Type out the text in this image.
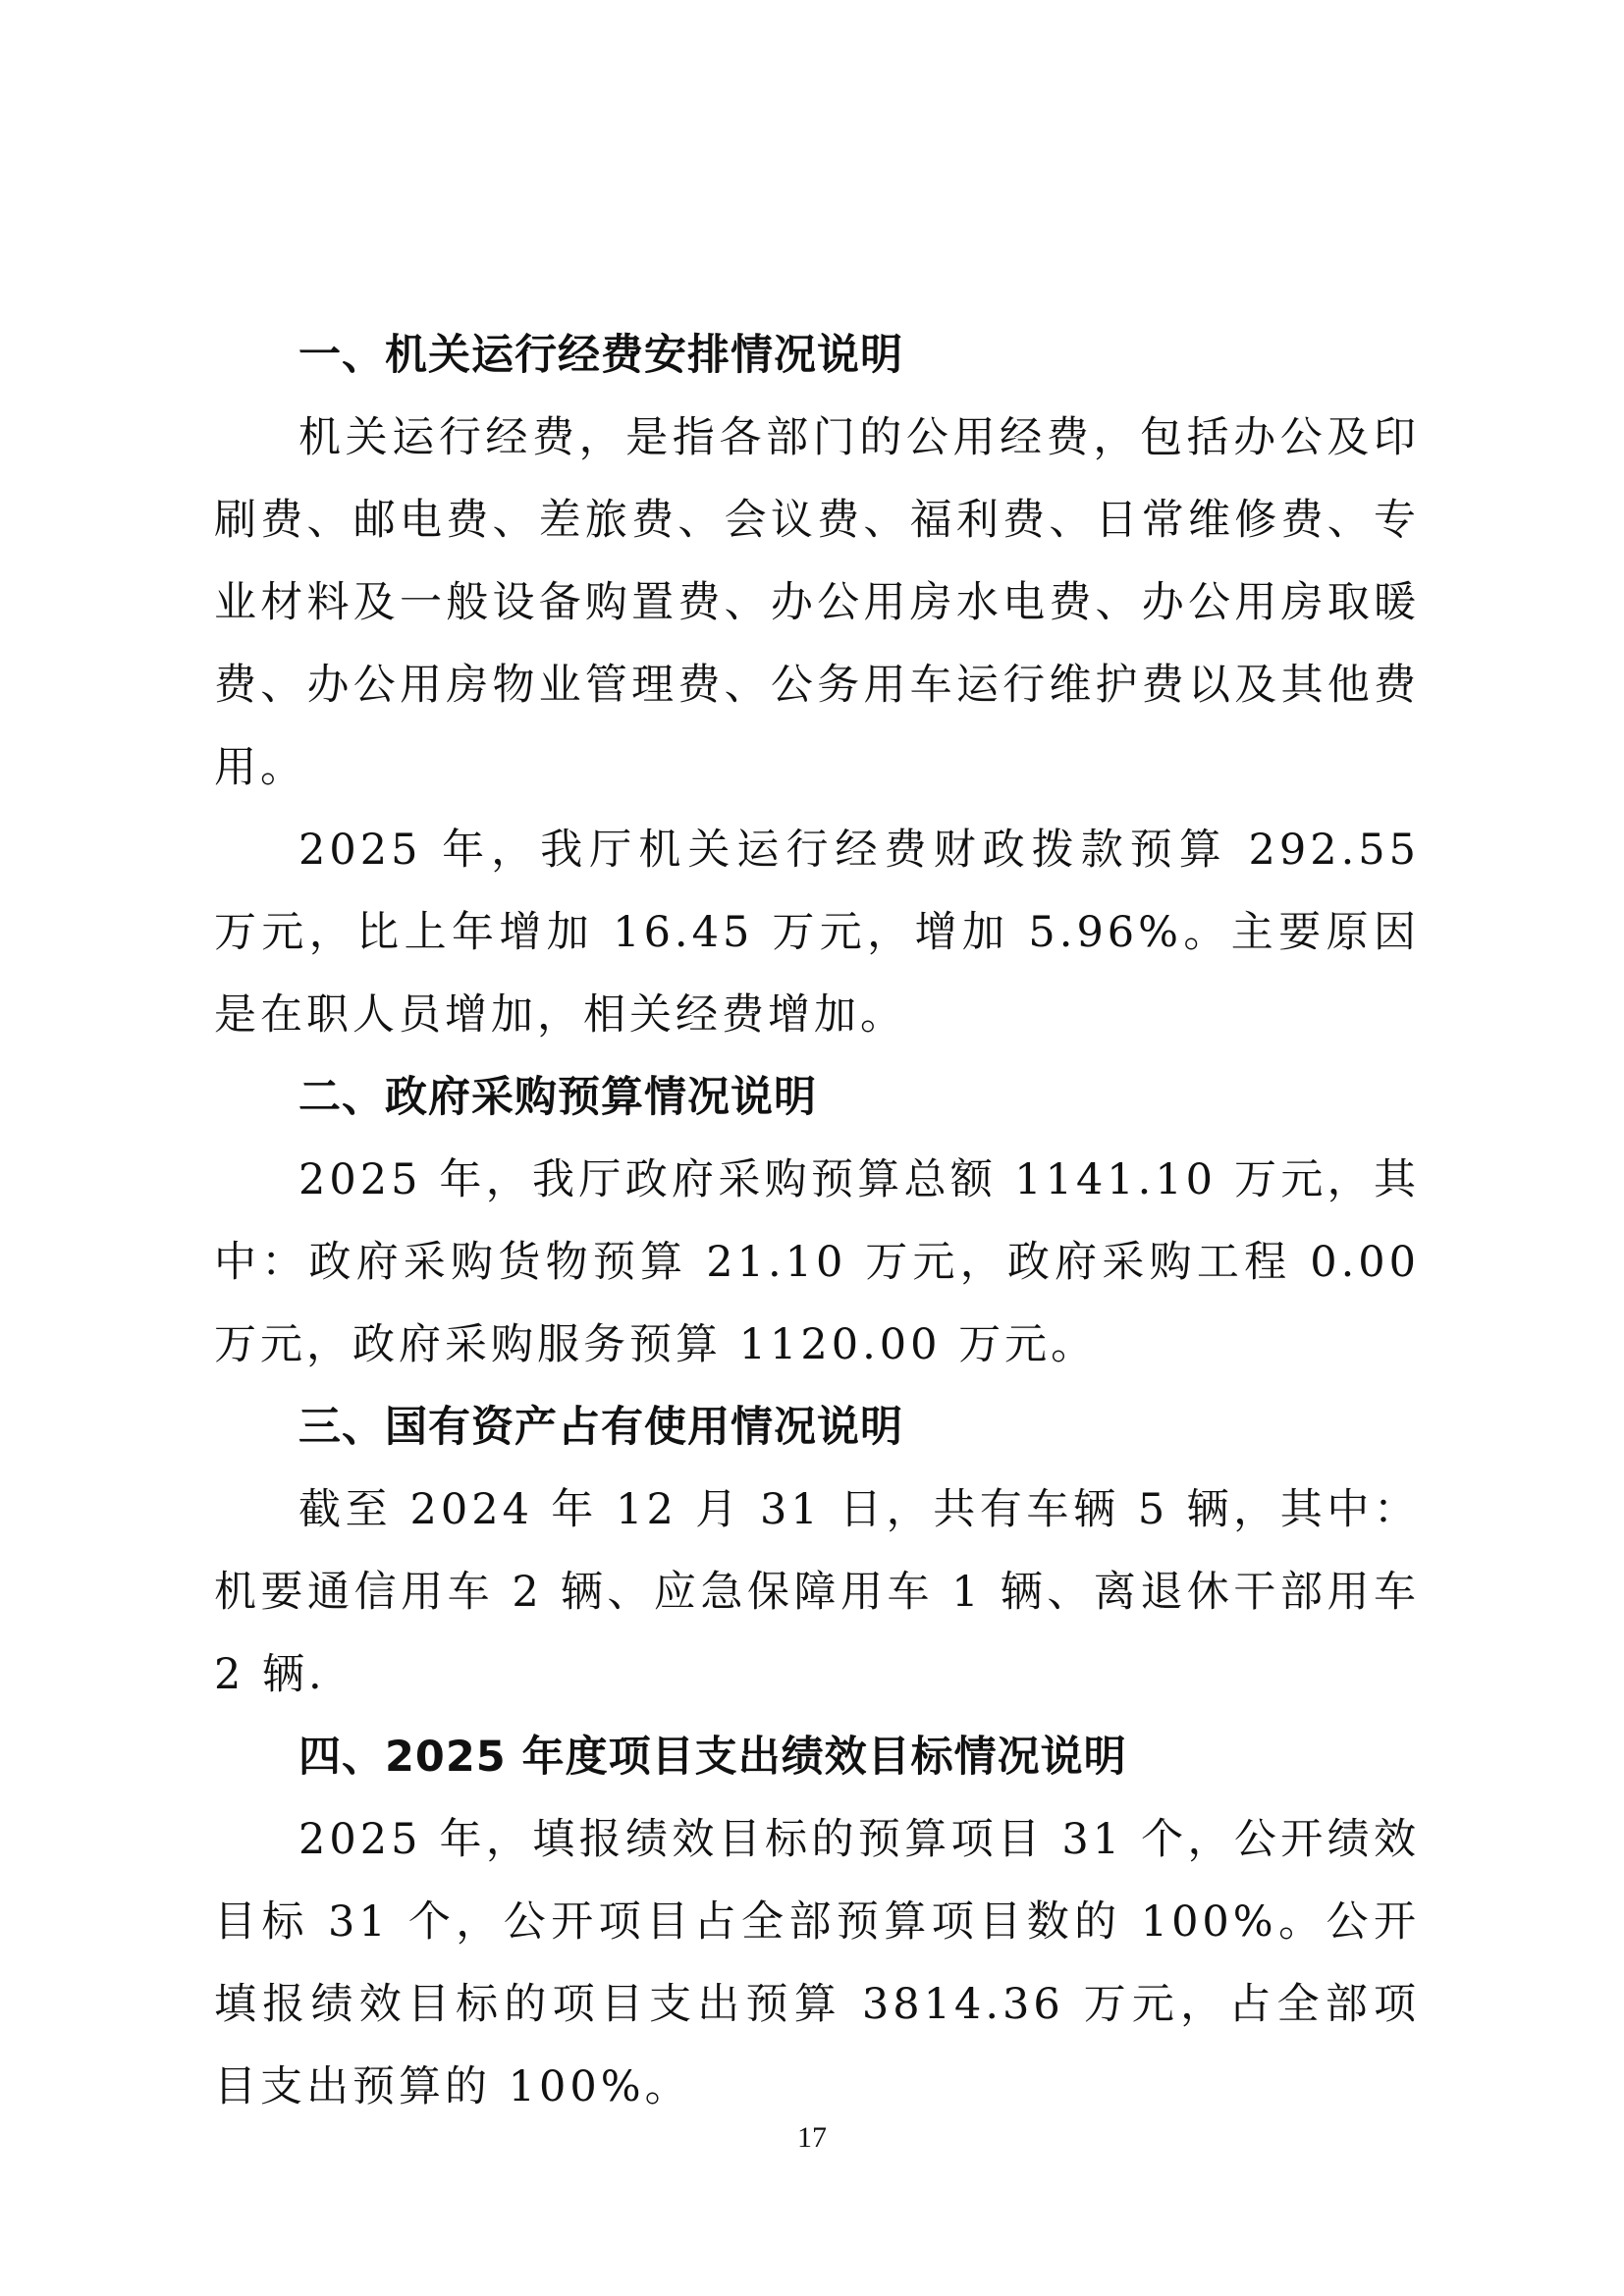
一、机关运行经费安排情况说明

机关运行经费，是指各部门的公用经费，包括办公及印刷费、邮电费、差旅费、会议费、福利费、日常维修费、专业材料及一般设备购置费、办公用房水电费、办公用房取暖费、办公用房物业管理费、公务用车运行维护费以及其他费用。

2025 年，我厅机关运行经费财政拨款预算 292.55 万元，比上年增加 16.45 万元，增加 5.96%。主要原因是在职人员增加，相关经费增加。

二、政府采购预算情况说明

2025 年，我厅政府采购预算总额 1141.10 万元，其中：政府采购货物预算 21.10 万元，政府采购工程 0.00 万元，政府采购服务预算 1120.00 万元。

三、国有资产占有使用情况说明

截至 2024 年 12 月 31 日，共有车辆 5 辆，其中：机要通信用车 2 辆、应急保障用车 1 辆、离退休干部用车 2 辆.

四、2025 年度项目支出绩效目标情况说明

2025 年，填报绩效目标的预算项目 31 个，公开绩效目标 31 个，公开项目占全部预算项目数的 100%。公开填报绩效目标的项目支出预算 3814.36 万元，占全部项目支出预算的 100%。

17
